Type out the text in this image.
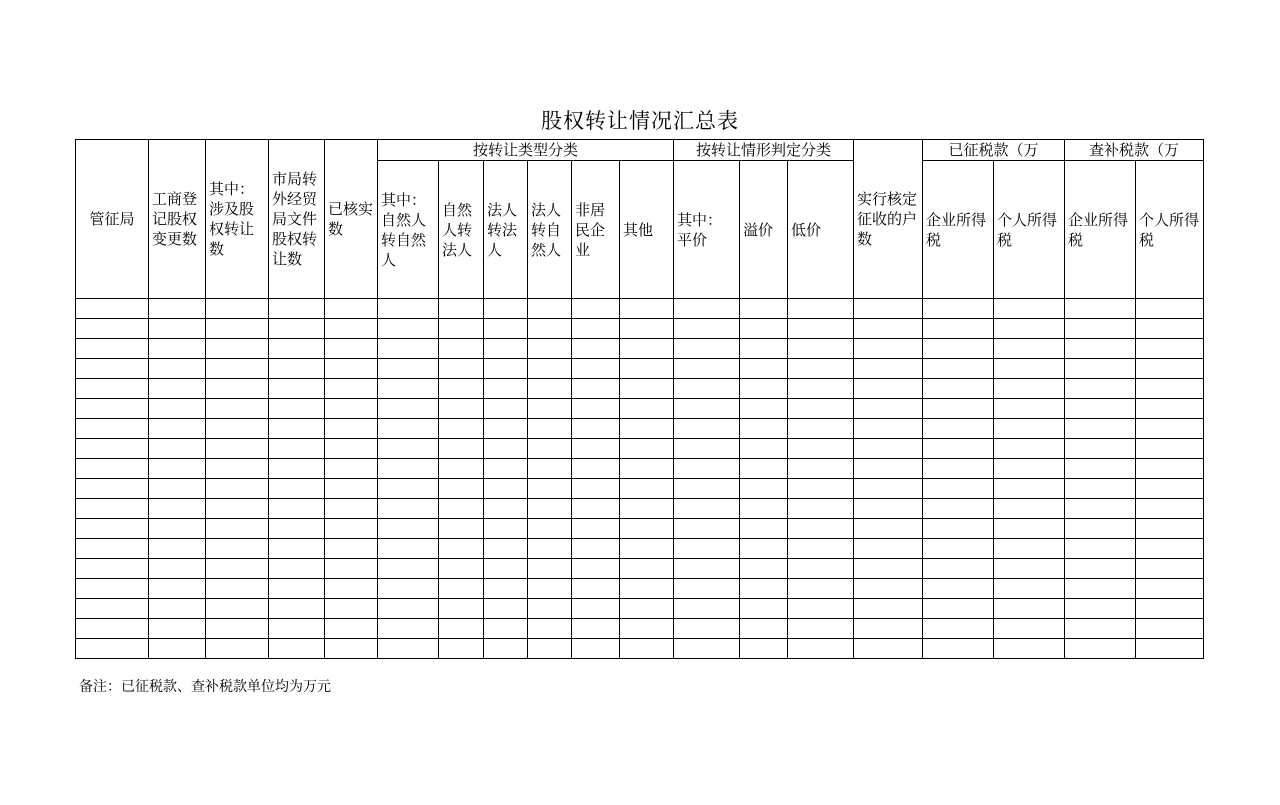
股权转让情况汇总表
管征局	工商登记股权变更数	其中：涉及股权转让数	市局转外经贸局文件股权转让数	已核实数	按转让类型分类						按转让情形判定分类			实行核定征收的户数	已征税款（万		查补税款（万	
					其中：自然人转自然人	自然人转法人	法人转法人	法人转自然人	非居民企业	其他	其中：平价	溢价	低价		企业所得税	个人所得税	企业所得税	个人所得税

备注：已征税款、查补税款单位均为万元
